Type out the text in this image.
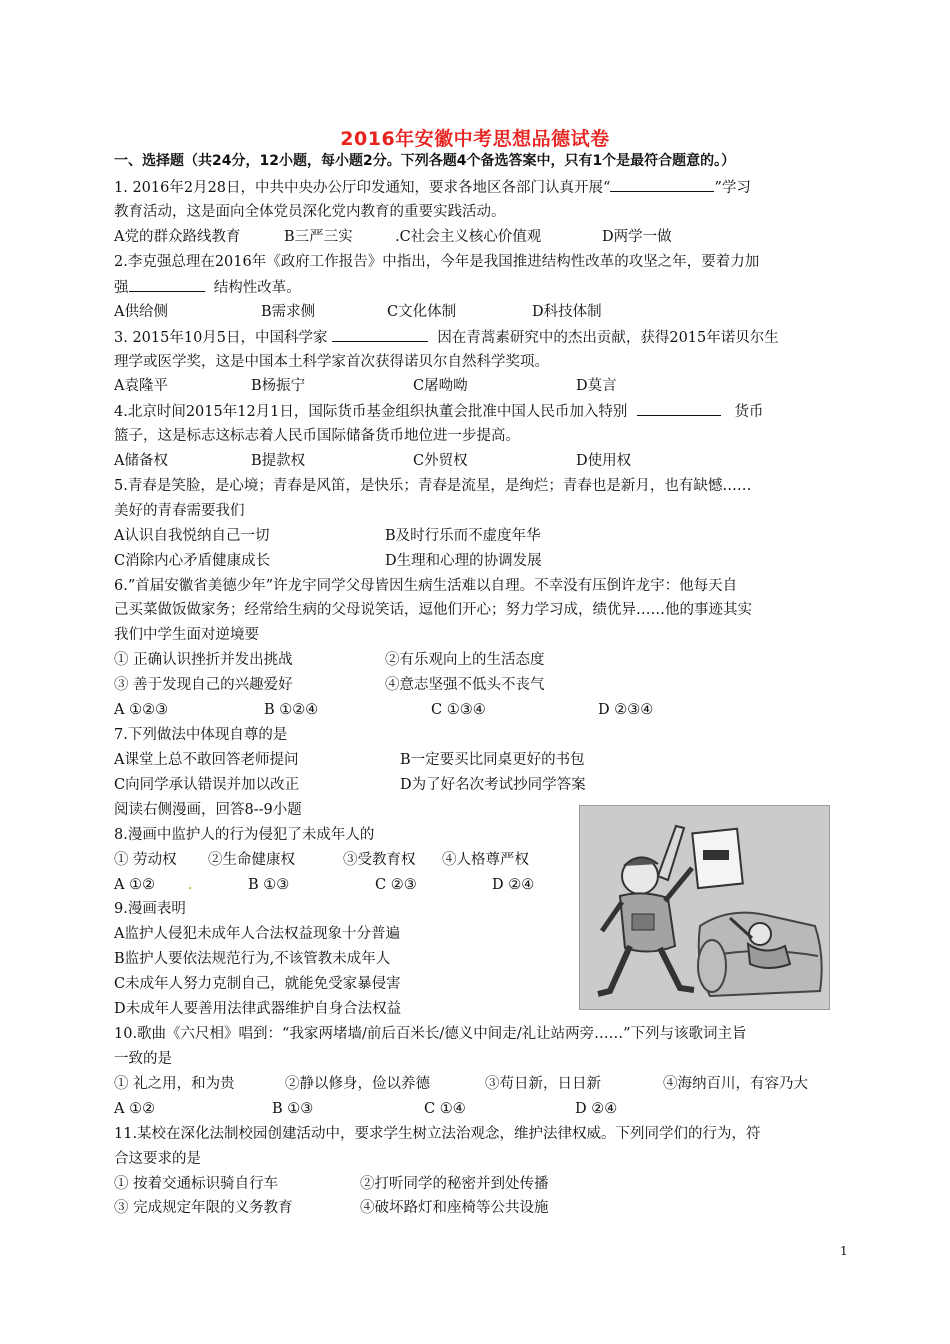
2016年安徽中考思想品德试卷
一、选择题（共24分，12小题，每小题2分。下列各题4个备选答案中，只有1个是最符合题意的。）
1. 2016年2月28日，中共中央办公厅印发通知，要求各地区各部门认真开展“	”学习
教育活动，这是面向全体党员深化党内教育的重要实践活动。
A党的群众路线教育	B三严三实	.C社会主义核心价值观	D两学一做
2.李克强总理在2016年《政府工作报告》中指出，今年是我国推进结构性改革的攻坚之年，要着力加
强	结构性改革。
A供给侧	B需求侧	C文化体制	D科技体制
3. 2015年10月5日，中国科学家	因在青蒿素研究中的杰出贡献，获得2015年诺贝尔生
理学或医学奖，这是中国本土科学家首次获得诺贝尔自然科学奖项。
A袁隆平	B杨振宁	C屠呦呦	D莫言
4.北京时间2015年12月1日，国际货币基金组织执董会批准中国人民币加入特别	货币
篮子，这是标志这标志着人民币国际储备货币地位进一步提高。
A储备权	B提款权	C外贸权	D使用权
5.青春是笑脸，是心境；青春是风笛，是快乐；青春是流星，是绚烂；青春也是新月，也有缺憾……
美好的青春需要我们
A认识自我悦纳自己一切	B及时行乐而不虚度年华
C消除内心矛盾健康成长	D生理和心理的协调发展
6.”首届安徽省美德少年”许龙宇同学父母皆因生病生活难以自理。不幸没有压倒许龙宇：他每天自
己买菜做饭做家务；经常给生病的父母说笑话，逗他们开心；努力学习成，绩优异……他的事迹其实
我们中学生面对逆境要
① 正确认识挫折并发出挑战	②有乐观向上的生活态度
③ 善于发现自己的兴趣爱好	④意志坚强不低头不丧气
A ①②③	B ①②④	C ①③④	D ②③④
7.下列做法中体现自尊的是
A课堂上总不敢回答老师提问	B一定要买比同桌更好的书包
C向同学承认错误并加以改正	D为了好名次考试抄同学答案
阅读右侧漫画，回答8--9小题
8.漫画中监护人的行为侵犯了未成年人的
① 劳动权 ②生命健康权	③受教育权 ④人格尊严权
A ①② .	B ①③	C ②③	D ②④
9.漫画表明
A监护人侵犯未成年人合法权益现象十分普遍
B监护人要依法规范行为,不该管教未成年人
C未成年人努力克制自己，就能免受家暴侵害
D未成年人要善用法律武器维护自身合法权益
10.歌曲《六尺相》唱到：“我家两堵墙/前后百米长/德义中间走/礼让站两旁……”下列与该歌词主旨
一致的是
① 礼之用，和为贵	②静以修身，俭以养德	③苟日新，日日新	④海纳百川，有容乃大
A ①②	B ①③	C ①④	D ②④
11.某校在深化法制校园创建活动中，要求学生树立法治观念，维护法律权威。下列同学们的行为，符
合这要求的是
① 按着交通标识骑自行车	②打听同学的秘密并到处传播
③ 完成规定年限的义务教育	④破坏路灯和座椅等公共设施
1
